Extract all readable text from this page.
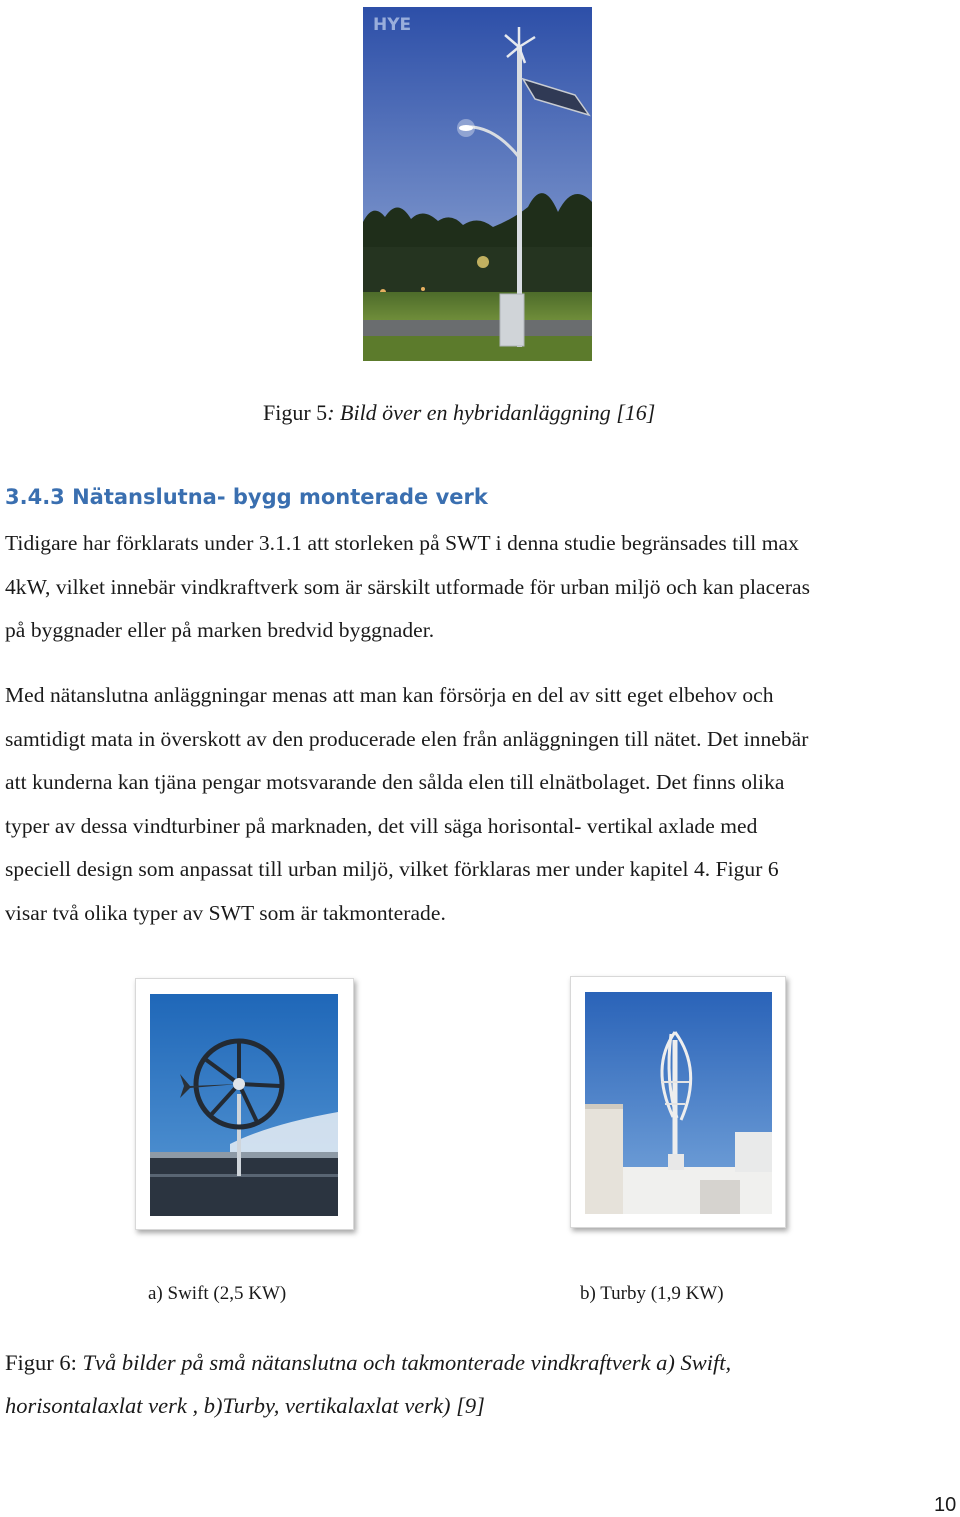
HYE
Figur 5: Bild över en hybridanläggning [16]
3.4.3 Nätanslutna- bygg monterade verk
Tidigare har förklarats under 3.1.1 att storleken på SWT i denna studie begränsades till max
4kW, vilket innebär vindkraftverk som är särskilt utformade för urban miljö och kan placeras
på byggnader eller på marken bredvid byggnader.
Med nätanslutna anläggningar menas att man kan försörja en del av sitt eget elbehov och
samtidigt mata in överskott av den producerade elen från anläggningen till nätet. Det innebär
att kunderna kan tjäna pengar motsvarande den sålda elen till elnätbolaget. Det finns olika
typer av dessa vindturbiner på marknaden, det vill säga horisontal- vertikal axlade med
speciell design som anpassat till urban miljö, vilket förklaras mer under kapitel 4. Figur 6
visar två olika typer av SWT som är takmonterade.
a) Swift (2,5 KW)	b) Turby (1,9 KW)
Figur 6: Två bilder på små nätanslutna och takmonterade vindkraftverk a) Swift,
horisontalaxlat verk , b)Turby, vertikalaxlat verk) [9]
10
